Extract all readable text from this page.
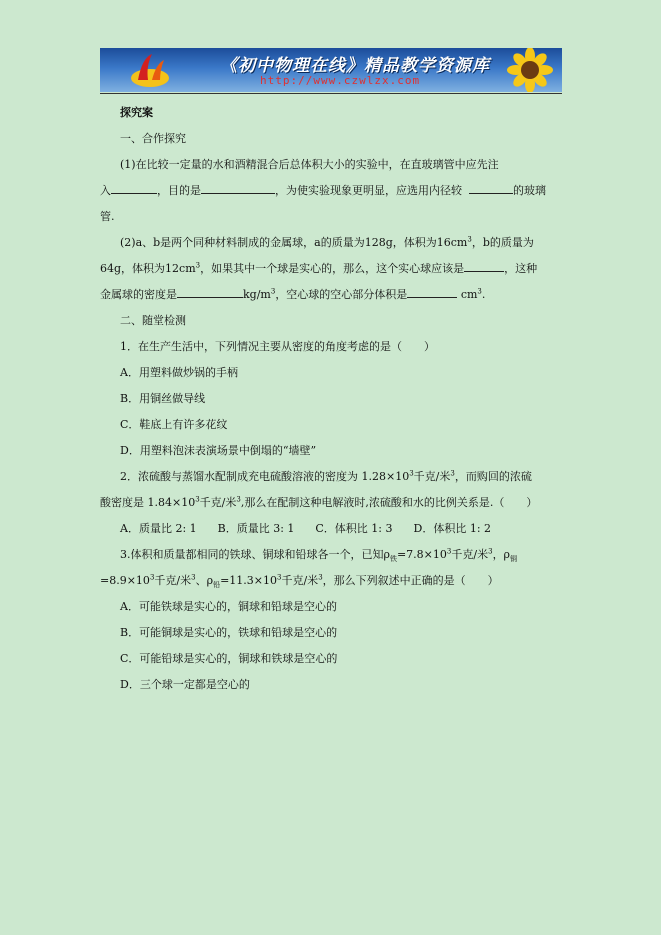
《初中物理在线》精品教学资源库
http://www.czwlzx.com
探究案
一、合作探究
(1)在比较一定量的水和酒精混合后总体积大小的实验中，在直玻璃管中应先注
入	，目的是	，为使实验现象更明显，应选用内径较	的玻璃
管.
(2)a、b是两个同种材料制成的金属球，a的质量为128g，体积为$16cm^3$，b的质量为
64g，体积为$12cm^3$，如果其中一个球是实心的，那么，这个实心球应该是	，这种
金属球的密度是	$kg/m^3$，空心球的空心部分体积是	$cm^3$.
二、随堂检测
1．在生产生活中，下列情况主要从密度的角度考虑的是（　　）
A．用塑料做炒锅的手柄
B．用铜丝做导线
C．鞋底上有许多花纹
D．用塑料泡沫表演场景中倒塌的“墙壁”
2．浓硫酸与蒸馏水配制成充电硫酸溶液的密度为 $1.28\times 10^3$千克/米$^3$，而购回的浓硫
酸密度是 $1.84\times 10^3$千克/米$^3$,那么在配制这种电解液时,浓硫酸和水的比例关系是.（　　）
A．质量比 2: 1 B．质量比 3: 1 C．体积比 1: 3 D．体积比 1: 2
3.体积和质量都相同的铁球、铜球和铅球各一个，已知$\rho_铁=7.8\times 10^3$千克/米$^3$，$\rho_铜$
$=8.9\times 10^3$千克/米$^3$、$\rho_铅=11.3\times 10^3$千克/米$^3$，那么下列叙述中正确的是（　　）
A．可能铁球是实心的，铜球和铅球是空心的
B．可能铜球是实心的，铁球和铅球是空心的
C．可能铅球是实心的，铜球和铁球是空心的
D．三个球一定都是空心的
